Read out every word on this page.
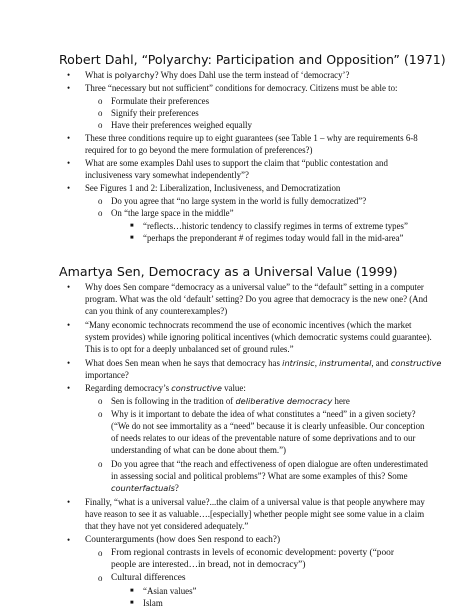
Robert Dahl, “Polyarchy: Participation and Opposition” (1971)
• What is polyarchy? Why does Dahl use the term instead of ‘democracy’?

• Three “necessary but not sufficient” conditions for democracy. Citizens must be able to:

o Formulate their preferences

o Signify their preferences

o Have their preferences weighed equally

• These three conditions require up to eight guarantees (see Table 1 – why are requirements 6-8

required for to go beyond the mere formulation of preferences?)

• What are some examples Dahl uses to support the claim that “public contestation and

inclusiveness vary somewhat independently”?

• See Figures 1 and 2: Liberalization, Inclusiveness, and Democratization

o Do you agree that “no large system in the world is fully democratized”?

o On “the large space in the middle”

■ “reflects…historic tendency to classify regimes in terms of extreme types”

■ “perhaps the preponderant # of regimes today would fall in the mid-area”

Amartya Sen, Democracy as a Universal Value (1999)
• Why does Sen compare “democracy as a universal value” to the “default” setting in a computer

program. What was the old ‘default’ setting? Do you agree that democracy is the new one? (And

can you think of any counterexamples?)

• “Many economic technocrats recommend the use of economic incentives (which the market

system provides) while ignoring political incentives (which democratic systems could guarantee).

This is to opt for a deeply unbalanced set of ground rules.”

• What does Sen mean when he says that democracy has intrinsic, instrumental, and constructive

importance?

• Regarding democracy’s constructive value:

o Sen is following in the tradition of deliberative democracy here

o Why is it important to debate the idea of what constitutes a “need” in a given society?

(“We do not see immortality as a “need” because it is clearly unfeasible. Our conception

of needs relates to our ideas of the preventable nature of some deprivations and to our

understanding of what can be done about them.”)

o Do you agree that “the reach and effectiveness of open dialogue are often underestimated

in assessing social and political problems”? What are some examples of this? Some

counterfactuals?

• Finally, “what is a universal value?...the claim of a universal value is that people anywhere may

have reason to see it as valuable….[especially] whether people might see some value in a claim

that they have not yet considered adequately.”

• Counterarguments (how does Sen respond to each?)

o From regional contrasts in levels of economic development: poverty (“poor

people are interested…in bread, not in democracy”)

o Cultural differences

■ “Asian values”

■ Islam
